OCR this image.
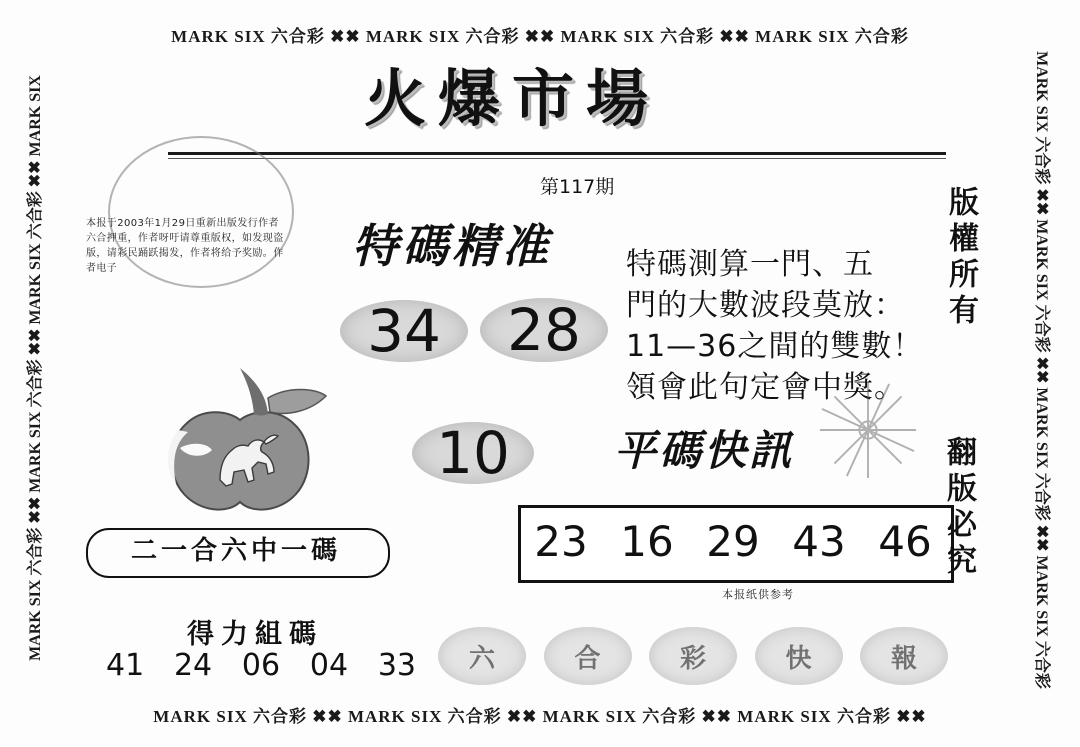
MARK SIX 六合彩 ✖✖ MARK SIX 六合彩 ✖✖ MARK SIX 六合彩 ✖✖ MARK SIX 六合彩
MARK SIX 六合彩 ✖✖ MARK SIX 六合彩 ✖✖ MARK SIX 六合彩 ✖✖ MARK SIX 六合彩 ✖✖
MARK SIX 六合彩 ✖✖ MARK SIX 六合彩 ✖✖ MARK SIX 六合彩 ✖✖ MARK SIX	MARK SIX 六合彩 ✖✖ MARK SIX 六合彩 ✖✖ MARK SIX 六合彩 ✖✖ MARK SIX 六合彩
火爆市場
第117期
本报于2003年1月29日重新出版发行作者六合押重，作者呀吁请尊重版权，如发现盗版，请彩民踊跃揭发，作者将给予奖励。作者电子	特碼精准
34	28
10
特碼測算一門、五
門的大數波段莫放：
11—36之間的雙數！
領會此句定會中獎。
平碼快訊
23 16 29 43 46
本报纸供参考
二一合六中一碼
得力組碼
41 24 06 04 33	六	合	彩	快	報
版權所有
翻版必究
